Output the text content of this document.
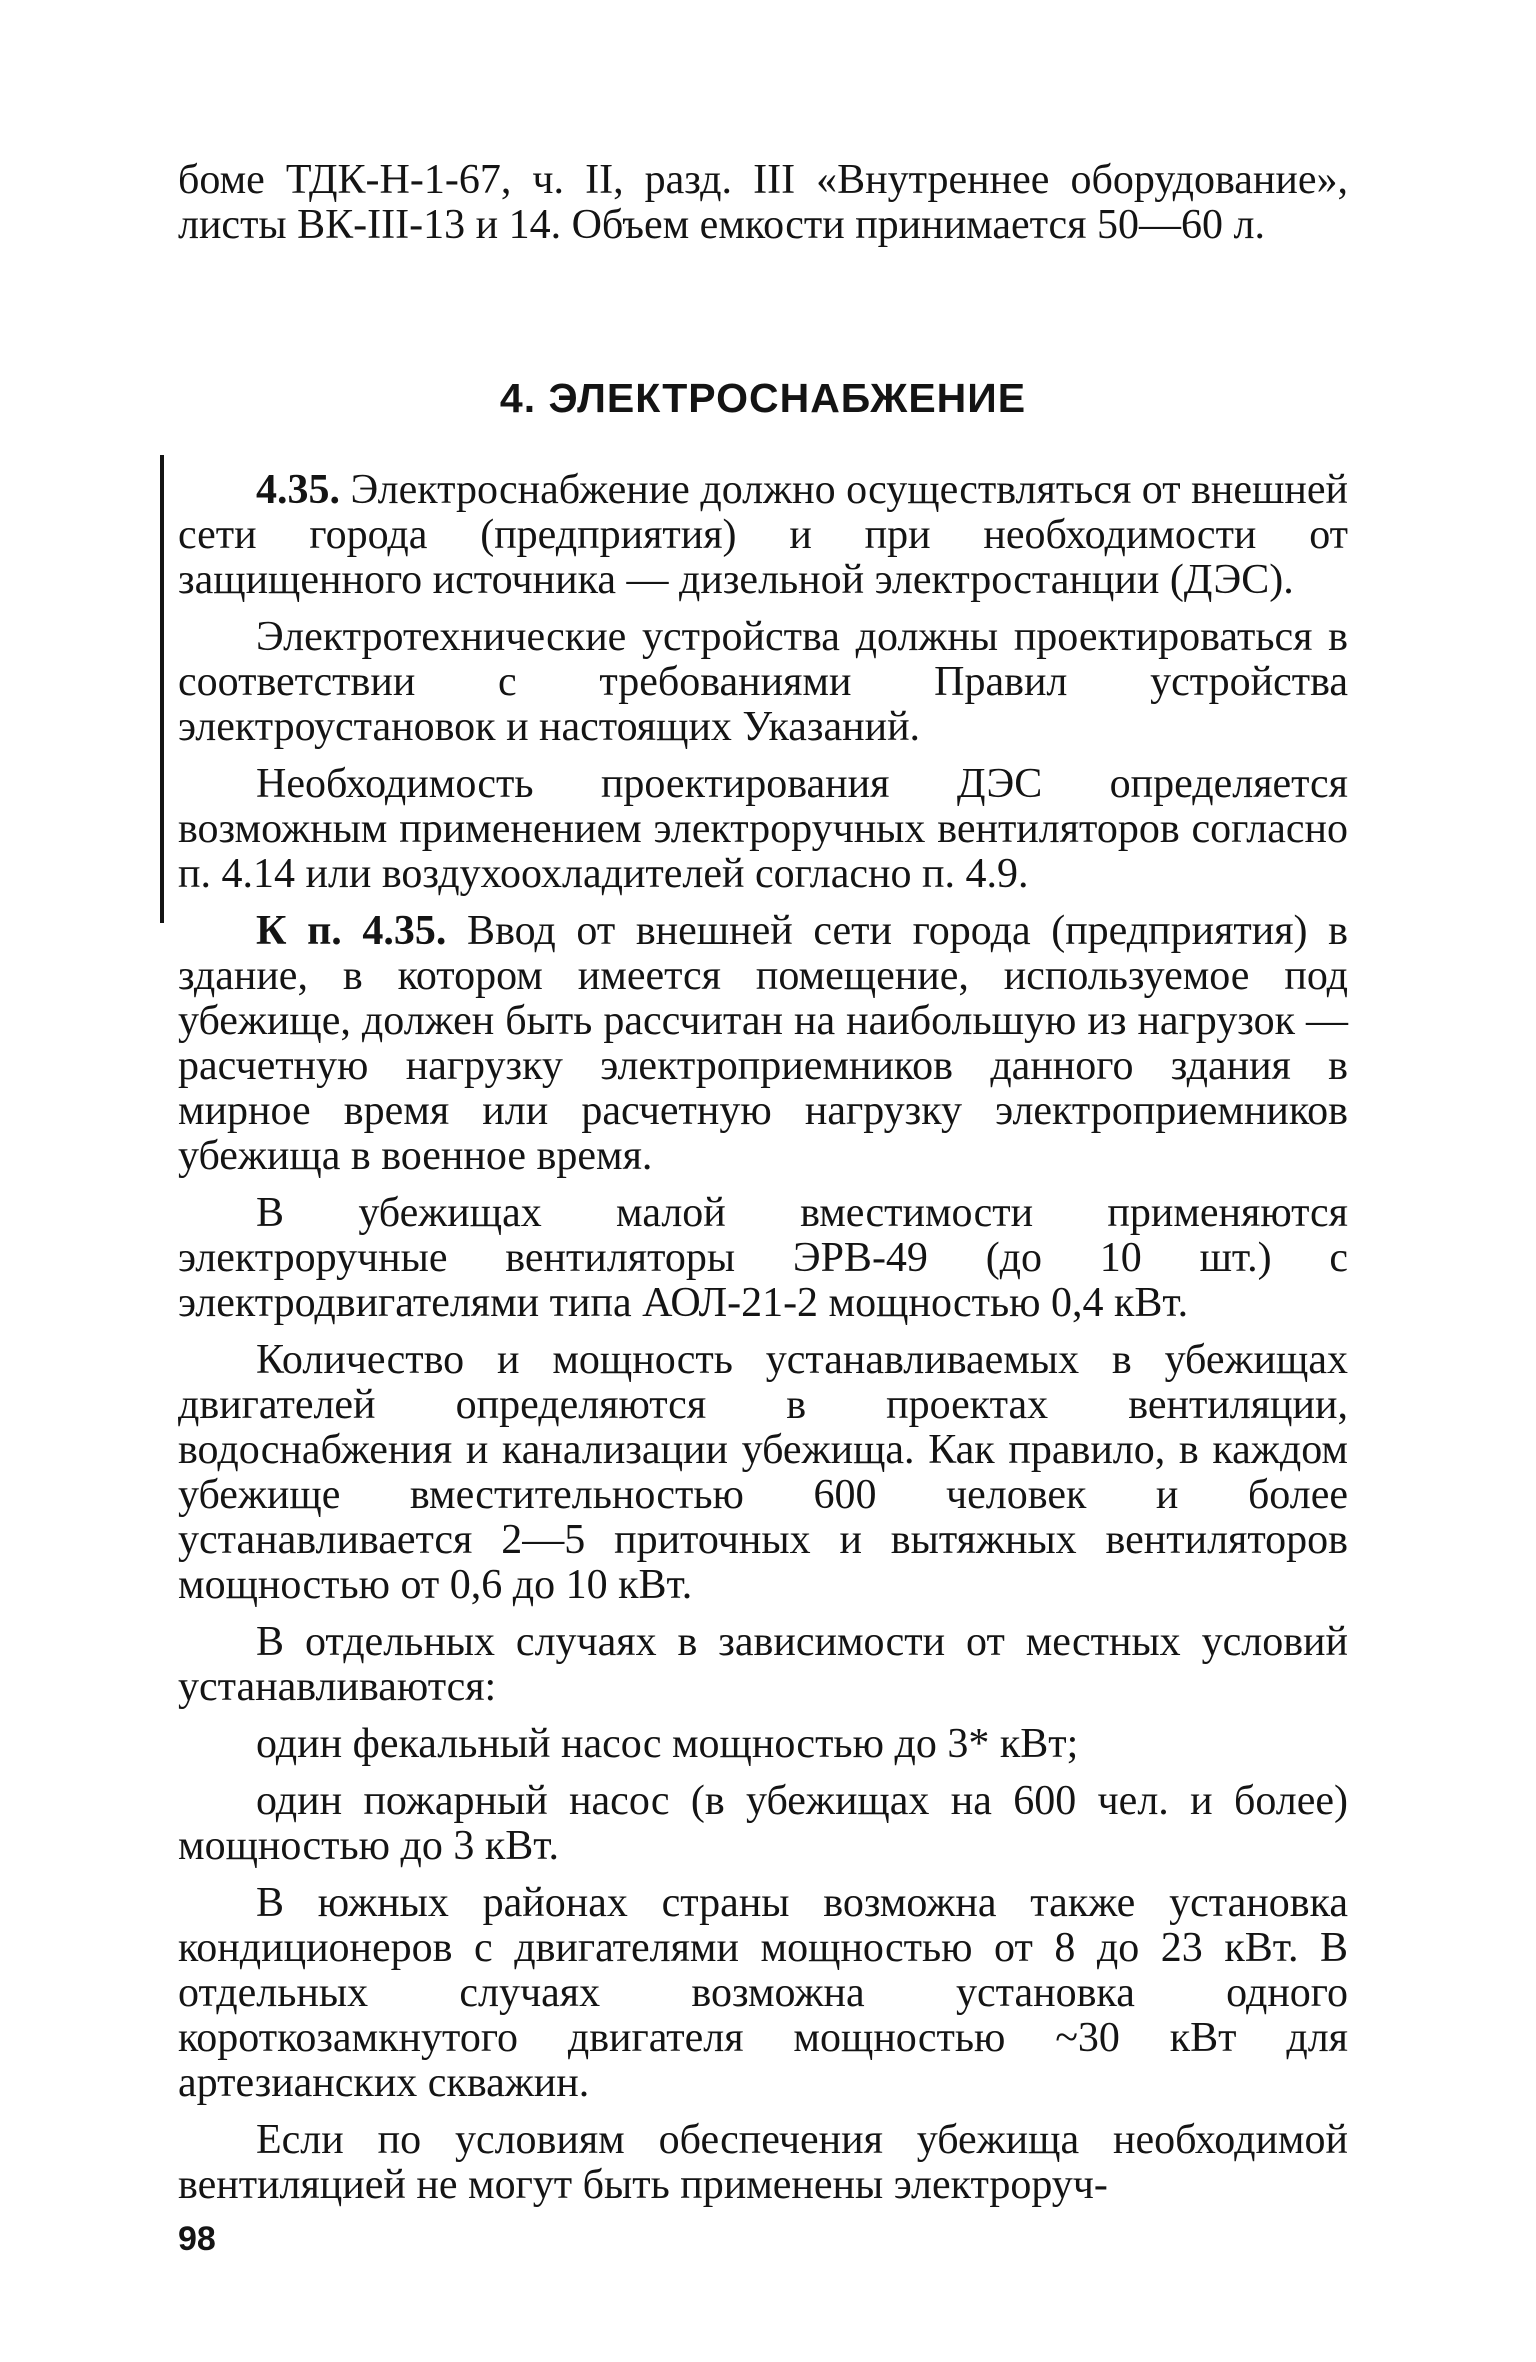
боме ТДК-Н-1-67, ч. II, разд. III «Внутреннее оборудование», листы ВК-III-13 и 14. Объем емкости принимается 50—60 л.

4. ЭЛЕКТРОСНАБЖЕНИЕ

4.35. Электроснабжение должно осуществляться от внешней сети города (предприятия) и при необходимости от защищенного источника — дизельной электростанции (ДЭС).

Электротехнические устройства должны проектироваться в соответствии с требованиями Правил устройства электроустановок и настоящих Указаний.

Необходимость проектирования ДЭС определяется возможным применением электроручных вентиляторов согласно п. 4.14 или воздухоохладителей согласно п. 4.9.

К п. 4.35. Ввод от внешней сети города (предприятия) в здание, в котором имеется помещение, используемое под убежище, должен быть рассчитан на наибольшую из нагрузок — расчетную нагрузку электроприемников данного здания в мирное время или расчетную нагрузку электроприемников убежища в военное время.

В убежищах малой вместимости применяются электроручные вентиляторы ЭРВ-49 (до 10 шт.) с электродвигателями типа АОЛ-21-2 мощностью 0,4 кВт.

Количество и мощность устанавливаемых в убежищах двигателей определяются в проектах вентиляции, водоснабжения и канализации убежища. Как правило, в каждом убежище вместительностью 600 человек и более устанавливается 2—5 приточных и вытяжных вентиляторов мощностью от 0,6 до 10 кВт.

В отдельных случаях в зависимости от местных условий устанавливаются:

один фекальный насос мощностью до 3* кВт;

один пожарный насос (в убежищах на 600 чел. и более) мощностью до 3 кВт.

В южных районах страны возможна также установка кондиционеров с двигателями мощностью от 8 до 23 кВт. В отдельных случаях возможна установка одного короткозамкнутого двигателя мощностью ~30 кВт для артезианских скважин.

Если по условиям обеспечения убежища необходимой вентиляцией не могут быть применены электроруч-

98
